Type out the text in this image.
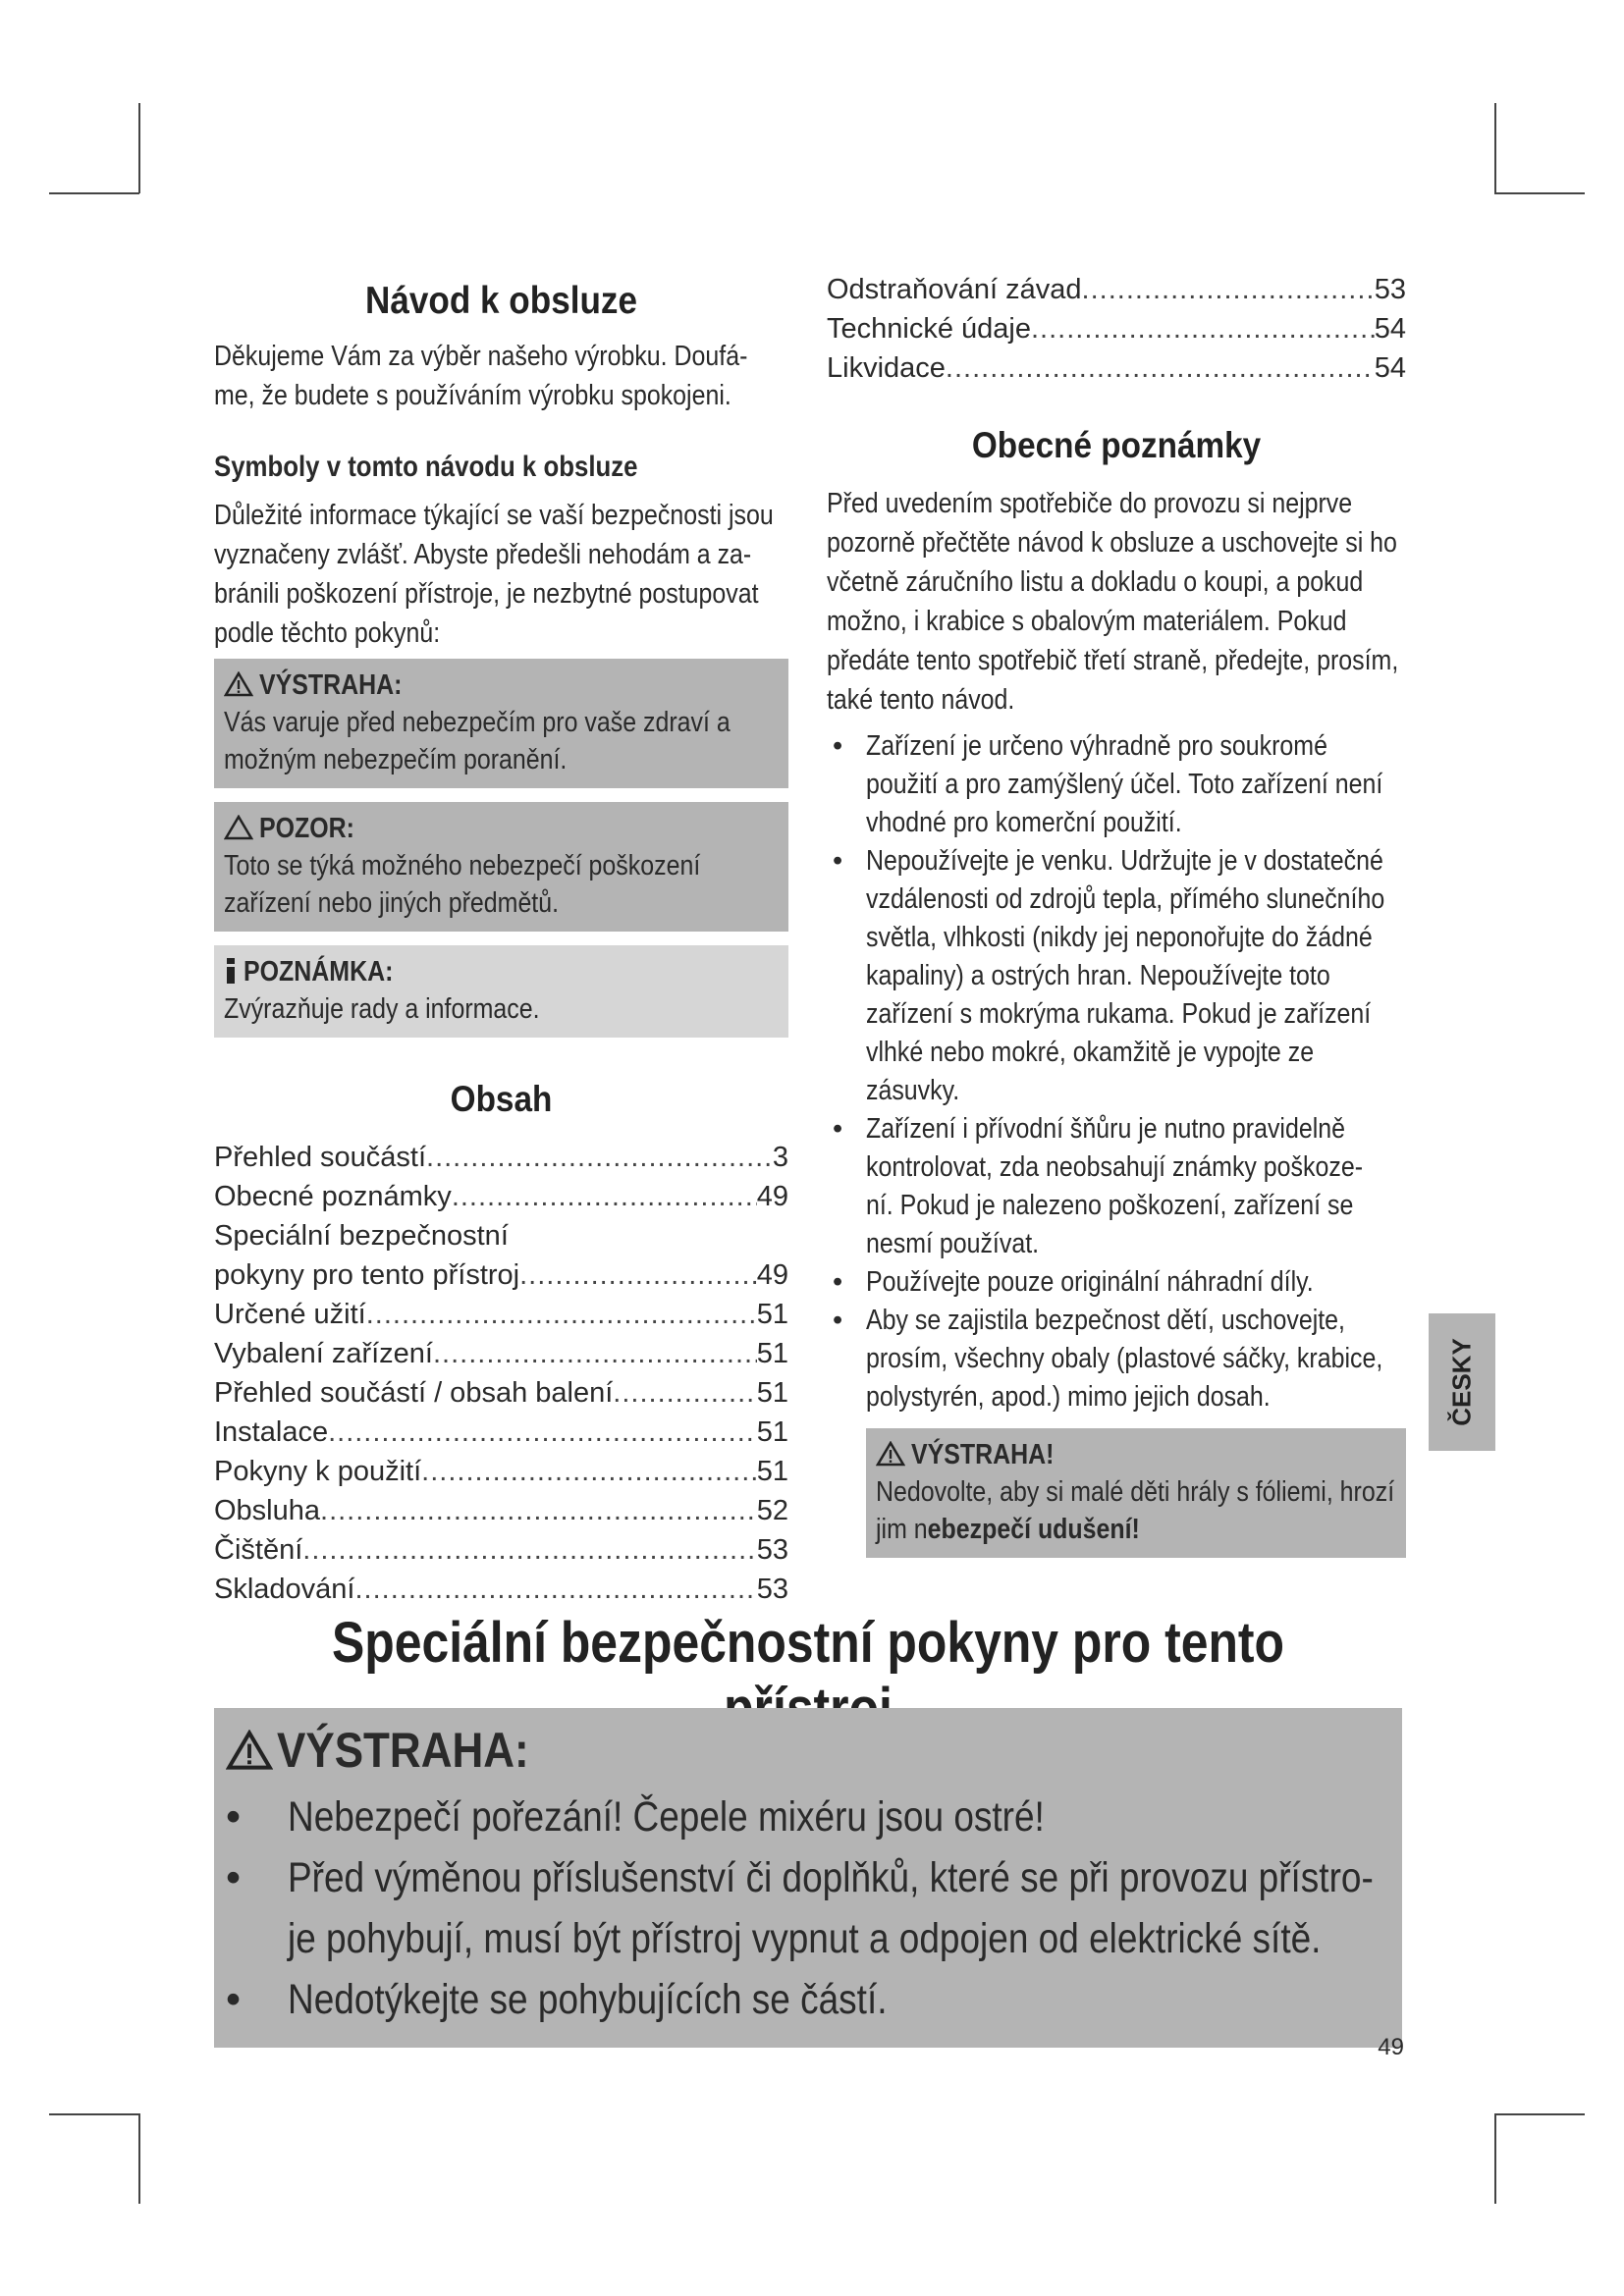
Návod k obsluze

Děkujeme Vám za výběr našeho výrobku. Doufá-me, že budete s používáním výrobku spokojeni.

Symboly v tomto návodu k obsluze

Důležité informace týkající se vaší bezpečnosti jsou vyznačeny zvlášť. Abyste předešli nehodám a za-bránili poškození přístroje, je nezbytné postupovat podle těchto pokynů:

VÝSTRAHA:

Vás varuje před nebezpečím pro vaše zdraví a možným nebezpečím poranění.

POZOR:

Toto se týká možného nebezpečí poškození zařízení nebo jiných předmětů.

POZNÁMKA:

Zvýrazňuje rady a informace.

Obsah
Přehled součástí .....	3
Obecné poznámky .....	49
Speciální bezpečnostní
pokyny pro tento přístroj .....	49
Určené užití .....	51
Vybalení zařízení .....	51
Přehled součástí / obsah balení .....	51
Instalace .....	51
Pokyny k použití .....	51
Obsluha .....	52
Čištění .....	53
Skladování .....	53
Odstraňování závad .....	53
Technické údaje .....	54
Likvidace .....	54
Obecné poznámky

Před uvedením spotřebiče do provozu si nejprve pozorně přečtěte návod k obsluze a uschovejte si ho včetně záručního listu a dokladu o koupi, a pokud možno, i krabice s obalovým materiálem. Pokud předáte tento spotřebič třetí straně, předejte, prosím, také tento návod.

• Zařízení je určeno výhradně pro soukromé použití a pro zamýšlený účel. Toto zařízení není vhodné pro komerční použití.
• Nepoužívejte je venku. Udržujte je v dostatečné vzdálenosti od zdrojů tepla, přímého slunečního světla, vlhkosti (nikdy jej neponořujte do žádné kapaliny) a ostrých hran. Nepoužívejte toto zařízení s mokrýma rukama. Pokud je zařízení vlhké nebo mokré, okamžitě je vypojte ze zásuvky.
• Zařízení i přívodní šňůru je nutno pravidelně kontrolovat, zda neobsahují známky poškoze-ní. Pokud je nalezeno poškození, zařízení se nesmí používat.
• Používejte pouze originální náhradní díly.
• Aby se zajistila bezpečnost dětí, uschovejte, prosím, všechny obaly (plastové sáčky, krabice, polystyrén, apod.) mimo jejich dosah.

VÝSTRAHA!

Nedovolte, aby si malé děti hrály s fóliemi, hrozí jim nebezpečí udušení!

ČESKY
Speciální bezpečnostní pokyny pro tento
VÝSTRAHA:
• Nebezpečí pořezání! Čepele mixéru jsou ostré!
• Před výměnou příslušenství či doplňků, které se při provozu přístro-je pohybují, musí být přístroj vypnut a odpojen od elektrické sítě.
• Nedotýkejte se pohybujících se částí.
49
